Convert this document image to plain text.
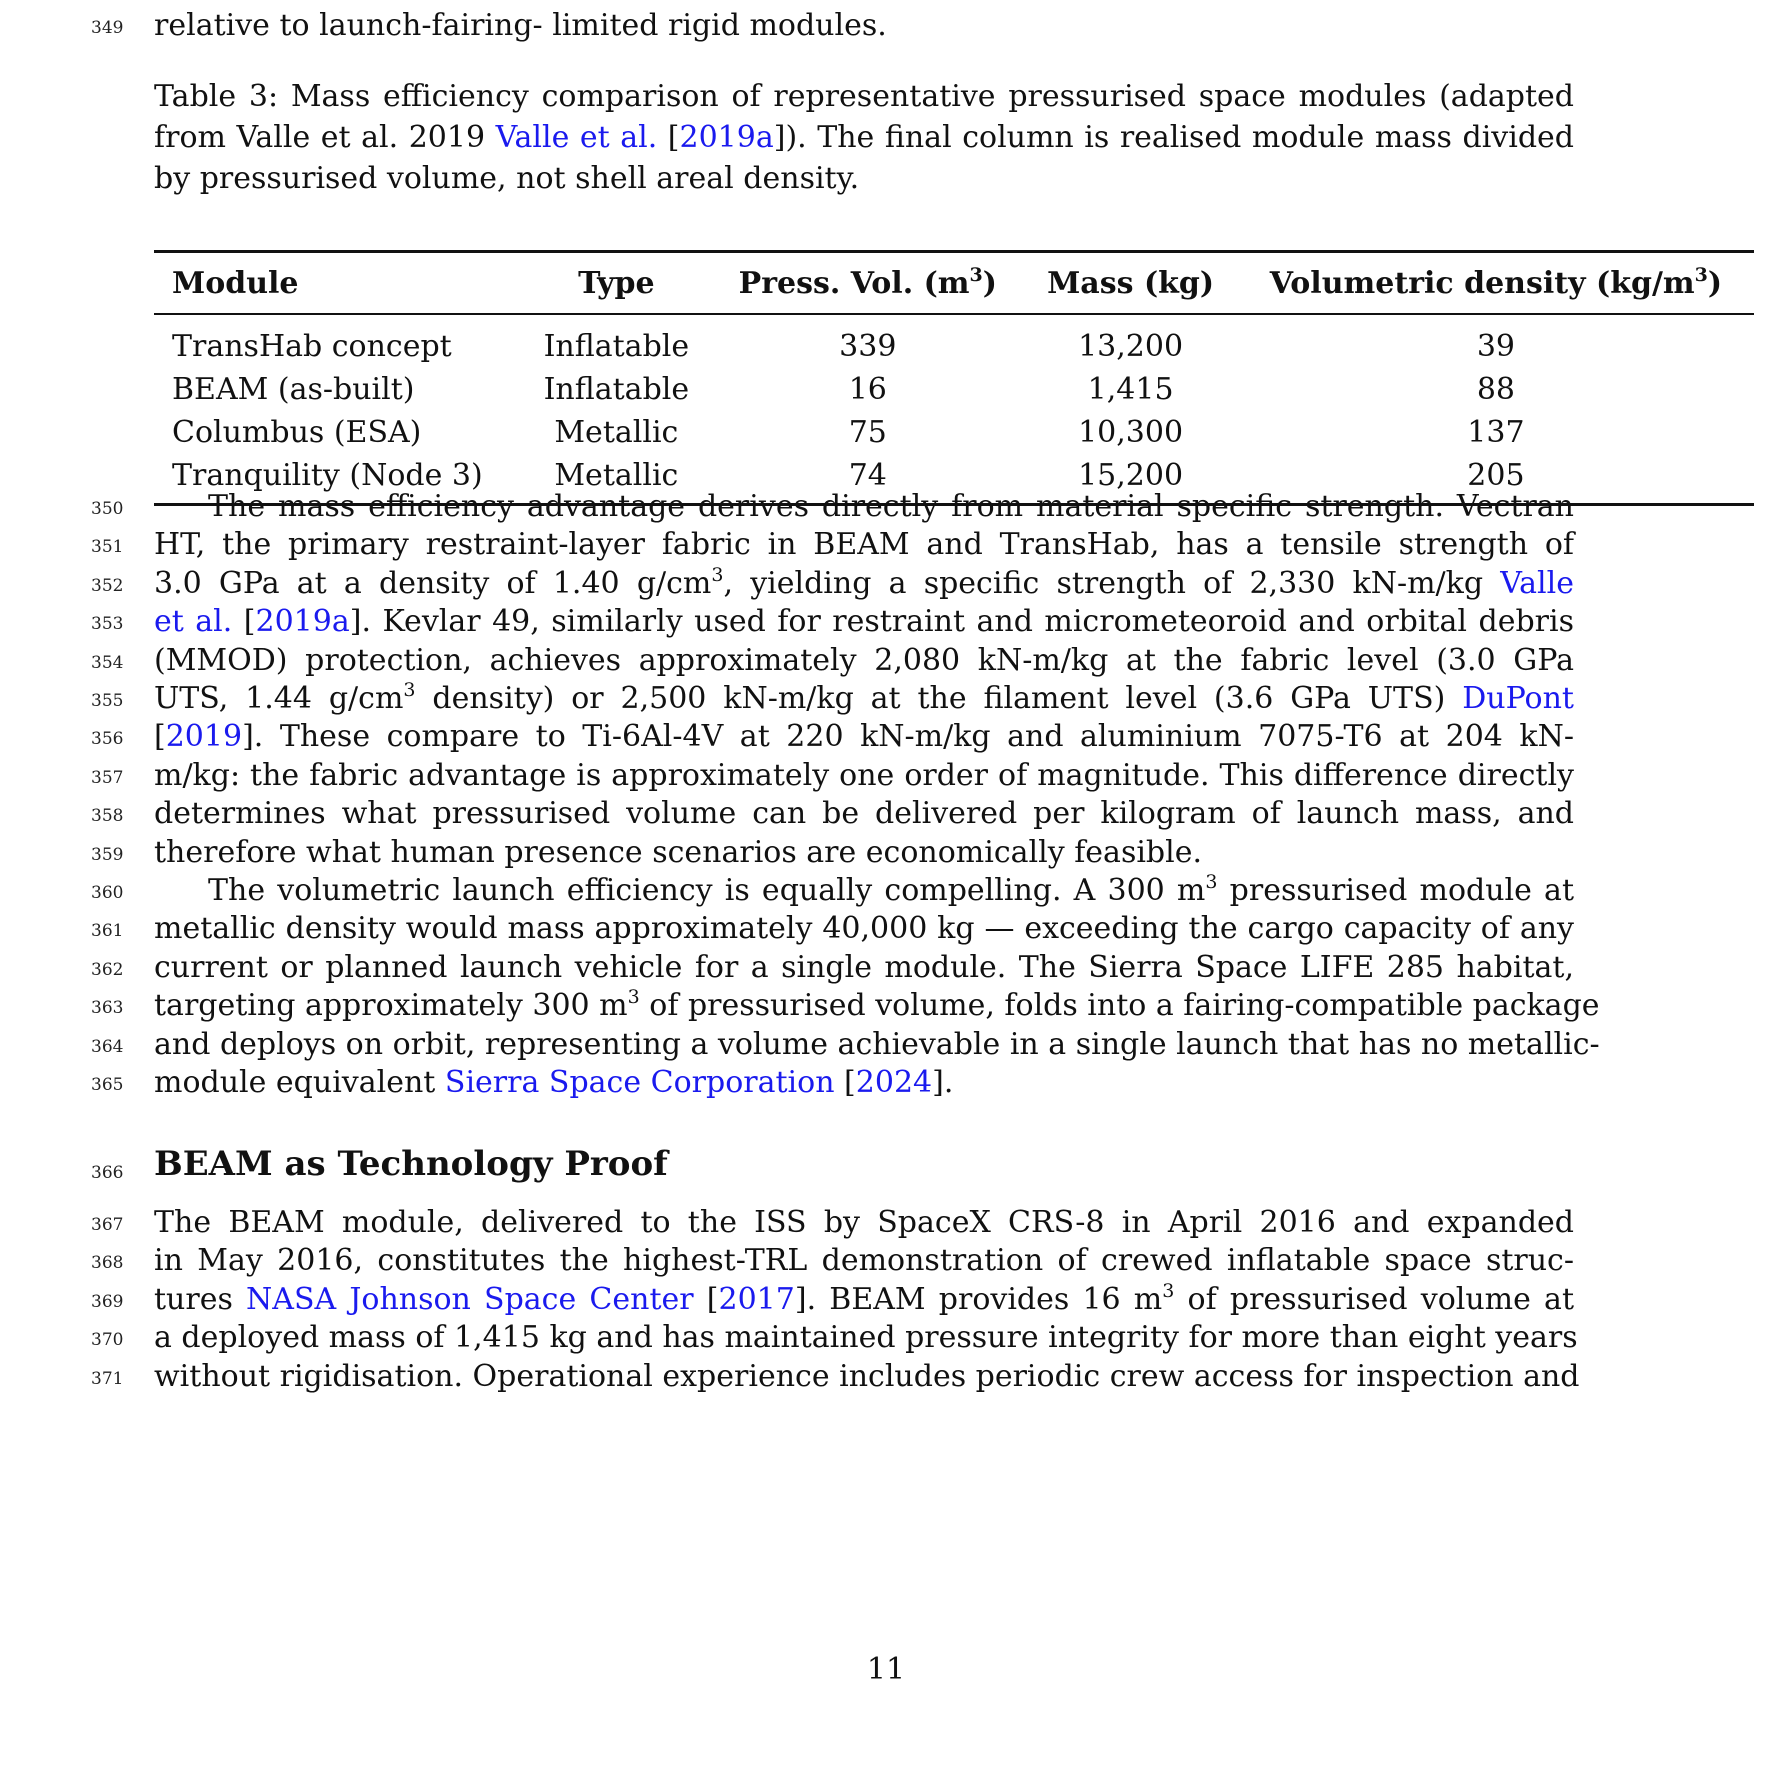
349 relative to launch-fairing- limited rigid modules.
Table 3: Mass efficiency comparison of representative pressurised space modules (adapted
from Valle et al. 2019 Valle et al. [2019a]). The final column is realised module mass divided
by pressurised volume, not shell areal density.
Module	Type	Press. Vol. $(m^3)$	Mass (kg)	Volumetric density $(kg/m^3)$
TransHab concept	Inflatable	339	13,200	39
BEAM (as-built)	Inflatable	16	1,415	88
Columbus (ESA)	Metallic	75	10,300	137
Tranquility (Node 3)	Metallic	74	15,200	205
350	The mass efficiency advantage derives directly from material specific strength. Vectran
351 HT, the primary restraint-layer fabric in BEAM and TransHab, has a tensile strength of
352 3.0 GPa at a density of 1.40 $g/cm^3$, yielding a specific strength of 2,330 kN-m/kg Valle
353 et al. [2019a]. Kevlar 49, similarly used for restraint and micrometeoroid and orbital debris
354 (MMOD) protection, achieves approximately 2,080 kN-m/kg at the fabric level (3.0 GPa
355 UTS, 1.44 $g/cm^3$ density) or 2,500 kN-m/kg at the filament level (3.6 GPa UTS) DuPont
356 [2019]. These compare to Ti-6Al-4V at 220 kN-m/kg and aluminium 7075-T6 at 204 kN-
357 m/kg: the fabric advantage is approximately one order of magnitude. This difference directly
358 determines what pressurised volume can be delivered per kilogram of launch mass, and
359 therefore what human presence scenarios are economically feasible.
360	The volumetric launch efficiency is equally compelling. A 300 $m^3$ pressurised module at
361 metallic density would mass approximately 40,000 kg — exceeding the cargo capacity of any
362 current or planned launch vehicle for a single module. The Sierra Space LIFE 285 habitat,
363 targeting approximately 300 $m^3$ of pressurised volume, folds into a fairing-compatible package
364 and deploys on orbit, representing a volume achievable in a single launch that has no metallic-
365 module equivalent Sierra Space Corporation [2024].
366 BEAM as Technology Proof
367 The BEAM module, delivered to the ISS by SpaceX CRS-8 in April 2016 and expanded
368 in May 2016, constitutes the highest-TRL demonstration of crewed inflatable space struc-
369 tures NASA Johnson Space Center [2017]. BEAM provides 16 $m^3$ of pressurised volume at
370 a deployed mass of 1,415 kg and has maintained pressure integrity for more than eight years
371 without rigidisation. Operational experience includes periodic crew access for inspection and
11
